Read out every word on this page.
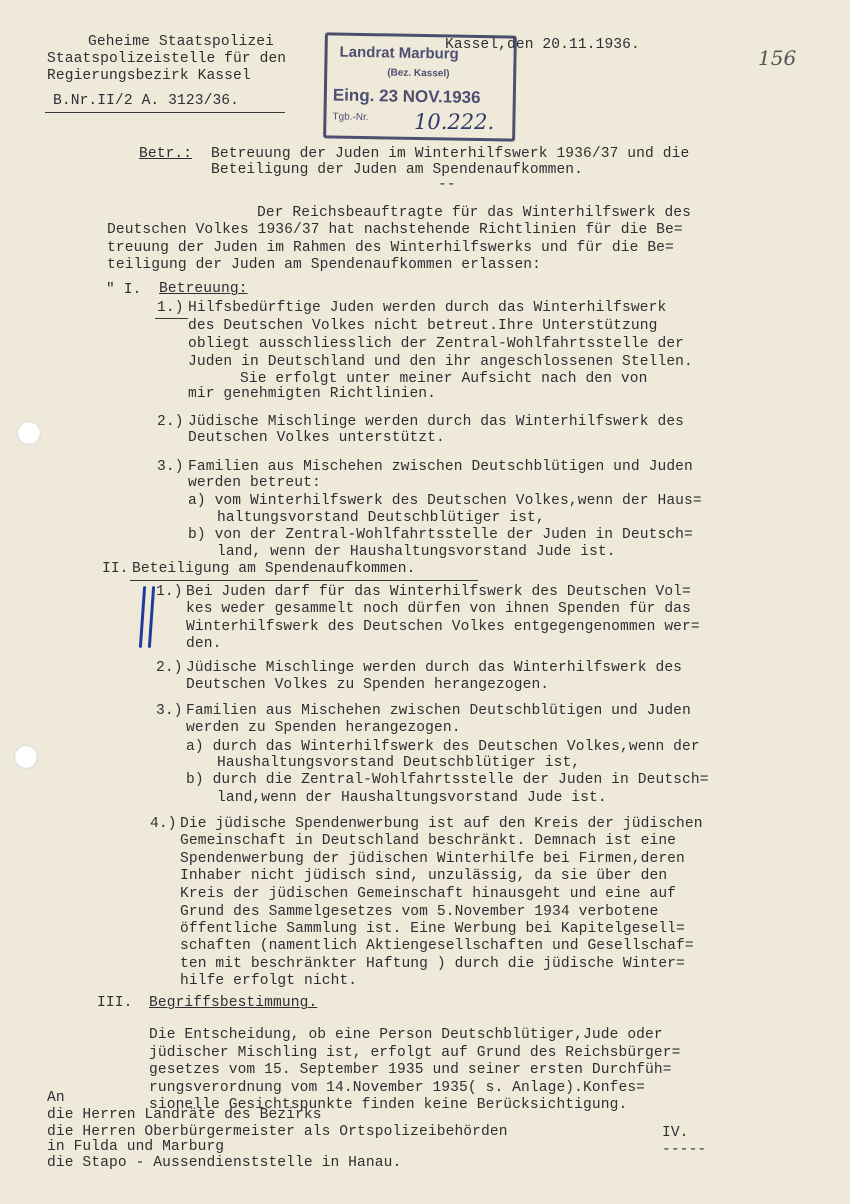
Geheime Staatspolizei
Staatspolizeistelle für den
Regierungsbezirk Kassel
B.Nr.II/2 A. 3123/36.
Kassel,den 20.11.1936.
156
Landrat Marburg
(Bez. Kassel)
Eing. 23 NOV.1936
Tgb.-Nr. 10.222.
Betr.: Betreuung der Juden im Winterhilfswerk 1936/37 und die
Beteiligung der Juden am Spendenaufkommen.
--
Der Reichsbeauftragte für das Winterhilfswerk des
Deutschen Volkes 1936/37 hat nachstehende Richtlinien für die Be=
treuung der Juden im Rahmen des Winterhilfswerks und für die Be=
teiligung der Juden am Spendenaufkommen erlassen:
" I. Betreuung:
1.) Hilfsbedürftige Juden werden durch das Winterhilfswerk
des Deutschen Volkes nicht betreut.Ihre Unterstützung
obliegt ausschliesslich der Zentral-Wohlfahrtsstelle der
Juden in Deutschland und den ihr angeschlossenen Stellen.
Sie erfolgt unter meiner Aufsicht nach den von
mir genehmigten Richtlinien.
2.) Jüdische Mischlinge werden durch das Winterhilfswerk des
Deutschen Volkes unterstützt.
3.) Familien aus Mischehen zwischen Deutschblütigen und Juden
werden betreut:
a) vom Winterhilfswerk des Deutschen Volkes,wenn der Haus=
haltungsvorstand Deutschblütiger ist,
b) von der Zentral-Wohlfahrtsstelle der Juden in Deutsch=
land, wenn der Haushaltungsvorstand Jude ist.
II. Beteiligung am Spendenaufkommen.
1.) Bei Juden darf für das Winterhilfswerk des Deutschen Vol=
kes weder gesammelt noch dürfen von ihnen Spenden für das
Winterhilfswerk des Deutschen Volkes entgegengenommen wer=
den.
2.) Jüdische Mischlinge werden durch das Winterhilfswerk des
Deutschen Volkes zu Spenden herangezogen.
3.) Familien aus Mischehen zwischen Deutschblütigen und Juden
werden zu Spenden herangezogen.
a) durch das Winterhilfswerk des Deutschen Volkes,wenn der
Haushaltungsvorstand Deutschblütiger ist,
b) durch die Zentral-Wohlfahrtsstelle der Juden in Deutsch=
land,wenn der Haushaltungsvorstand Jude ist.
4.) Die jüdische Spendenwerbung ist auf den Kreis der jüdischen
Gemeinschaft in Deutschland beschränkt. Demnach ist eine
Spendenwerbung der jüdischen Winterhilfe bei Firmen,deren
Inhaber nicht jüdisch sind, unzulässig, da sie über den
Kreis der jüdischen Gemeinschaft hinausgeht und eine auf
Grund des Sammelgesetzes vom 5.November 1934 verbotene
öffentliche Sammlung ist. Eine Werbung bei Kapitelgesell=
schaften (namentlich Aktiengesellschaften und Gesellschaf=
ten mit beschränkter Haftung ) durch die jüdische Winter=
hilfe erfolgt nicht.
III. Begriffsbestimmung.
Die Entscheidung, ob eine Person Deutschblütiger,Jude oder
jüdischer Mischling ist, erfolgt auf Grund des Reichsbürger=
gesetzes vom 15. September 1935 und seiner ersten Durchfüh=
rungsverordnung vom 14.November 1935( s. Anlage).Konfes=
sionelle Gesichtspunkte finden keine Berücksichtigung.
An
die Herren Landräte des Bezirks
die Herren Oberbürgermeister als Ortspolizeibehörden
in Fulda und Marburg
die Stapo - Aussendienststelle in Hanau.
IV.
-----
